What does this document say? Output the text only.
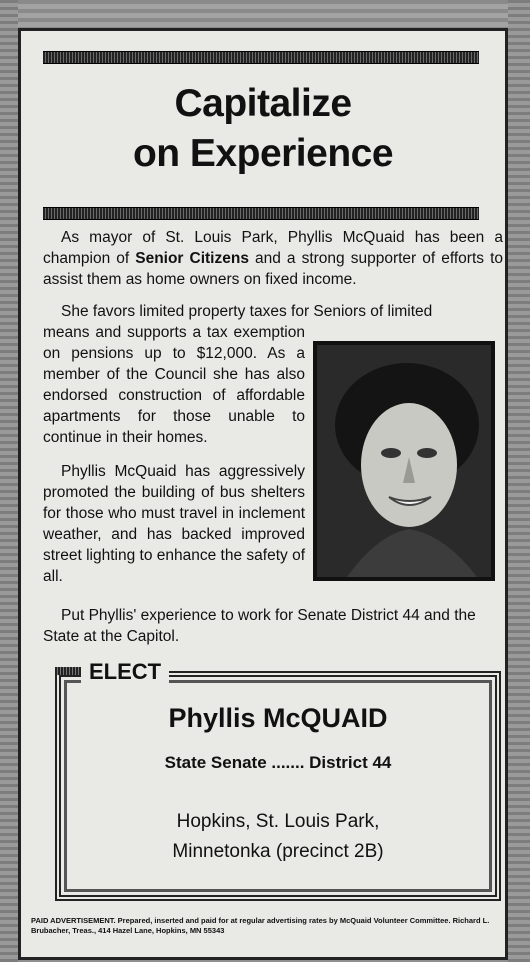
Capitalize
on Experience
As mayor of St. Louis Park, Phyllis McQuaid has been a champion of Senior Citizens and a strong supporter of efforts to assist them as home owners on fixed income.
She favors limited property taxes for Seniors of limited
means and supports a tax exemption on pensions up to $12,000. As a member of the Council she has also endorsed construction of affordable apartments for those unable to continue in their homes.
Phyllis McQuaid has aggressively promoted the building of bus shelters for those who must travel in inclement weather, and has backed improved street lighting to enhance the safety of all.
Put Phyllis' experience to work for Senate District 44 and the State at the Capitol.
ELECT
Phyllis McQUAID
State Senate ....... District 44
Hopkins, St. Louis Park,
Minnetonka (precinct 2B)
PAID ADVERTISEMENT. Prepared, inserted and paid for at regular advertising rates by McQuaid Volunteer Committee. Richard L. Brubacher, Treas., 414 Hazel Lane, Hopkins, MN 55343
